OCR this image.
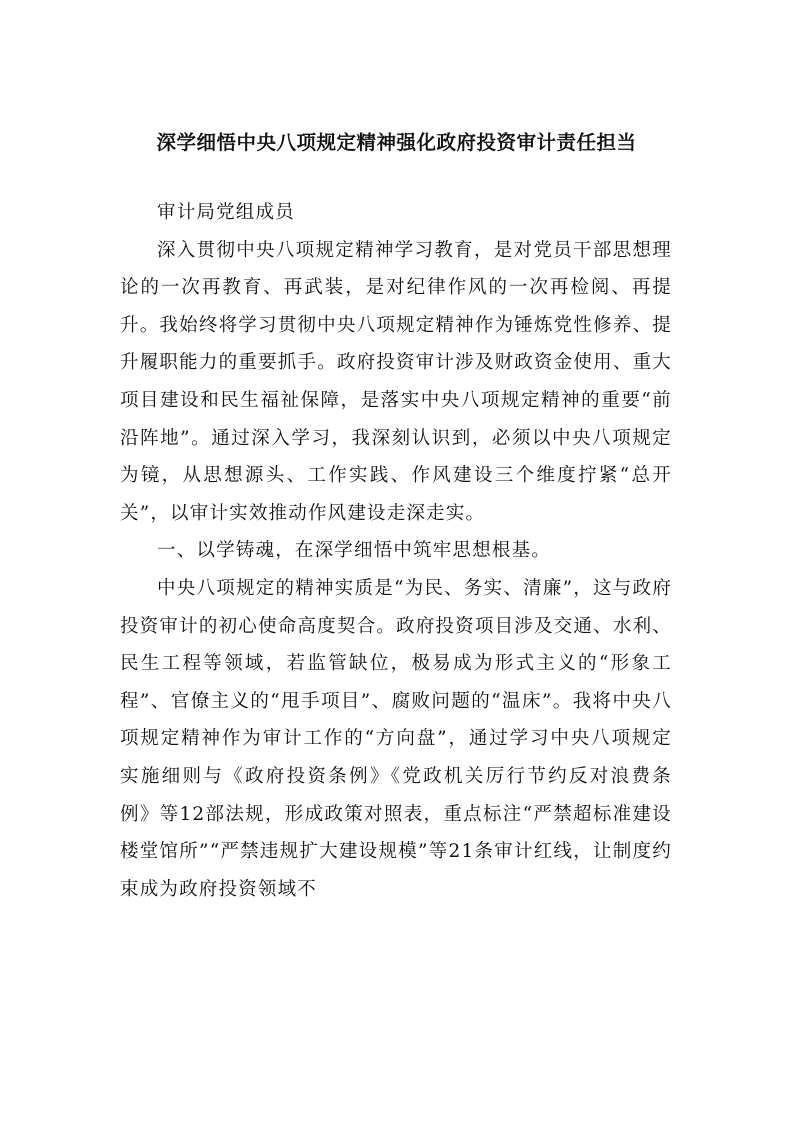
深学细悟中央八项规定精神强化政府投资审计责任担当

审计局党组成员

深入贯彻中央八项规定精神学习教育，是对党员干部思想理论的一次再教育、再武装，是对纪律作风的一次再检阅、再提升。我始终将学习贯彻中央八项规定精神作为锤炼党性修养、提升履职能力的重要抓手。政府投资审计涉及财政资金使用、重大项目建设和民生福祉保障，是落实中央八项规定精神的重要“前沿阵地”。通过深入学习，我深刻认识到，必须以中央八项规定为镜，从思想源头、工作实践、作风建设三个维度拧紧“总开关”，以审计实效推动作风建设走深走实。

一、以学铸魂，在深学细悟中筑牢思想根基。

中央八项规定的精神实质是“为民、务实、清廉”，这与政府投资审计的初心使命高度契合。政府投资项目涉及交通、水利、民生工程等领域，若监管缺位，极易成为形式主义的“形象工程”、官僚主义的“甩手项目”、腐败问题的“温床”。我将中央八项规定精神作为审计工作的“方向盘”，通过学习中央八项规定实施细则与《政府投资条例》《党政机关厉行节约反对浪费条例》等12部法规，形成政策对照表，重点标注“严禁超标准建设楼堂馆所”“严禁违规扩大建设规模”等21条审计红线，让制度约束成为政府投资领域不
